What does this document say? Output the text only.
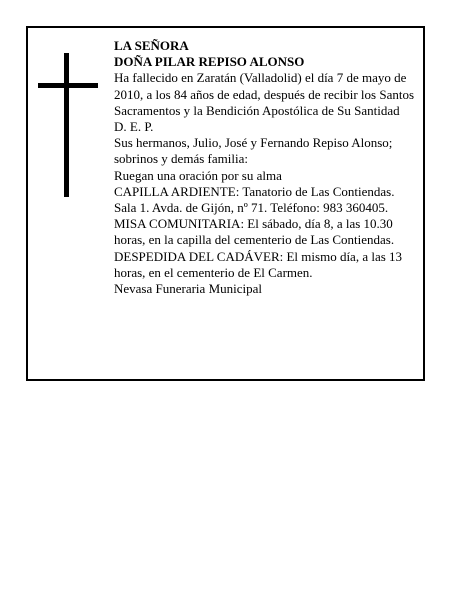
LA SEÑORA

DOÑA PILAR REPISO ALONSO

Ha fallecido en Zaratán (Valladolid) el día 7 de mayo de 2010, a los 84 años de edad, después de recibir los Santos Sacramentos y la Bendición Apostólica de Su Santidad

D. E. P.

Sus hermanos, Julio, José y Fernando Repiso Alonso; sobrinos y demás familia:

Ruegan una oración por su alma

CAPILLA ARDIENTE: Tanatorio de Las Contiendas. Sala 1. Avda. de Gijón, nº 71. Teléfono: 983 360405.

MISA COMUNITARIA: El sábado, día 8, a las 10.30 horas, en la capilla del cementerio de Las Contiendas.

DESPEDIDA DEL CADÁVER: El mismo día, a las 13 horas, en el cementerio de El Carmen.

Nevasa Funeraria Municipal
